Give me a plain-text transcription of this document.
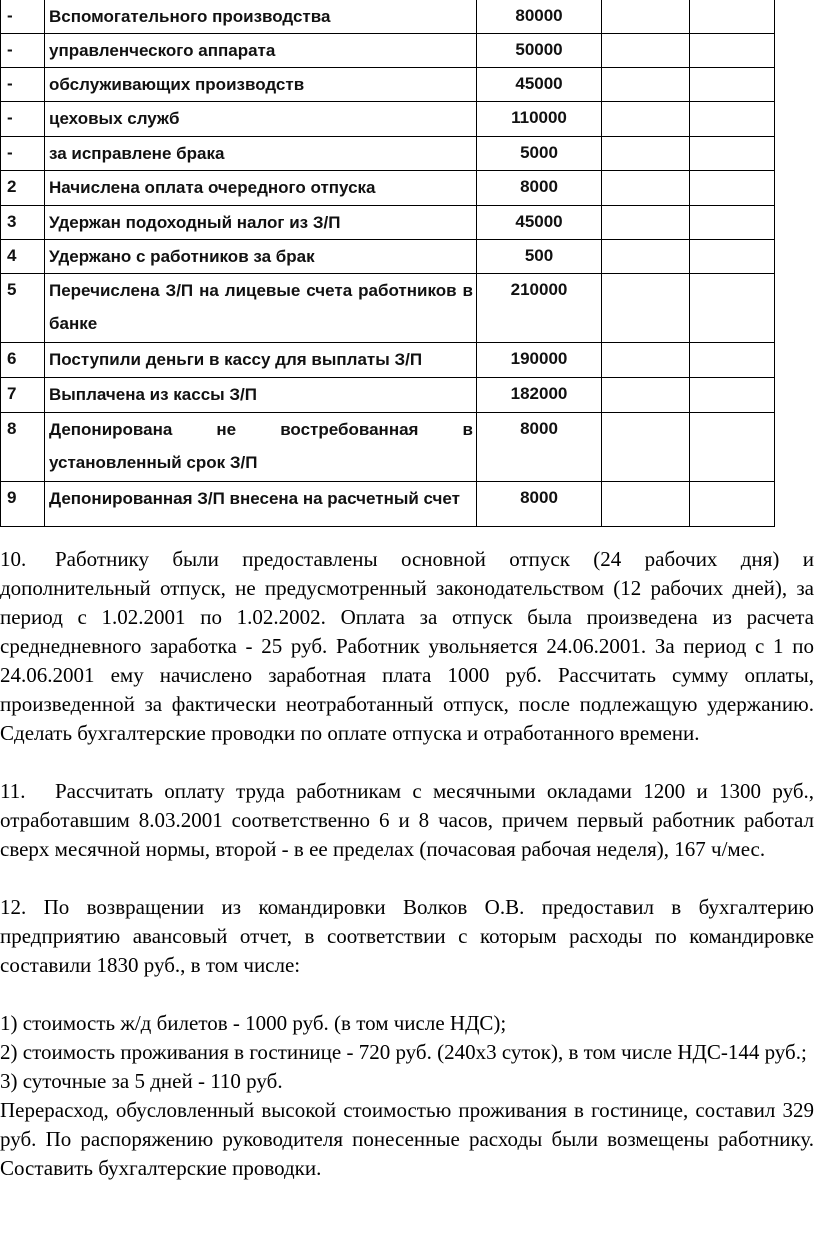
-	Вспомогательного производства	80000		

-	управленческого аппарата	50000		

-	обслуживающих производств	45000		

-	цеховых служб	110000		

-	за исправлене брака	5000		

2	Начислена оплата очередного отпуска	8000		

3	Удержан подоходный налог из З/П	45000		

4	Удержано с работников за брак	500		

5	Перечислена З/П на лицевые счета работников в банке	210000		

6	Поступили деньги в кассу для выплаты З/П	190000		

7	Выплачена из кассы З/П	182000		

8	Депонирована не востребованная в установленный срок З/П	8000		

9	Депонированная З/П внесена на расчетный счет	8000		

10. Работнику были предоставлены основной отпуск (24 рабочих дня) и дополнительный отпуск, не предусмотренный законодательством (12 рабочих дней), за период с 1.02.2001 по 1.02.2002. Оплата за отпуск была произведена из расчета среднедневного заработка - 25 руб. Работник увольняется 24.06.2001. За период с 1 по 24.06.2001 ему начислено заработная плата 1000 руб. Рассчитать сумму оплаты, произведенной за фактически неотработанный отпуск, после подлежащую удержанию. Сделать бухгалтерские проводки по оплате отпуска и отработанного времени.

11. Рассчитать оплату труда работникам с месячными окладами 1200 и 1300 руб., отработавшим 8.03.2001 соответственно 6 и 8 часов, причем первый работник работал сверх месячной нормы, второй - в ее пределах (почасовая рабочая неделя), 167 ч/мес.

12. По возвращении из командировки Волков О.В. предоставил в бухгалтерию предприятию авансовый отчет, в соответствии с которым расходы по командировке составили 1830 руб., в том числе:

1) стоимость ж/д билетов - 1000 руб. (в том числе НДС);

2) стоимость проживания в гостинице - 720 руб. (240х3 суток), в том числе НДС-144 руб.;

3) суточные за 5 дней - 110 руб.

Перерасход, обусловленный высокой стоимостью проживания в гостинице, составил 329 руб. По распоряжению руководителя понесенные расходы были возмещены работнику. Составить бухгалтерские проводки.
